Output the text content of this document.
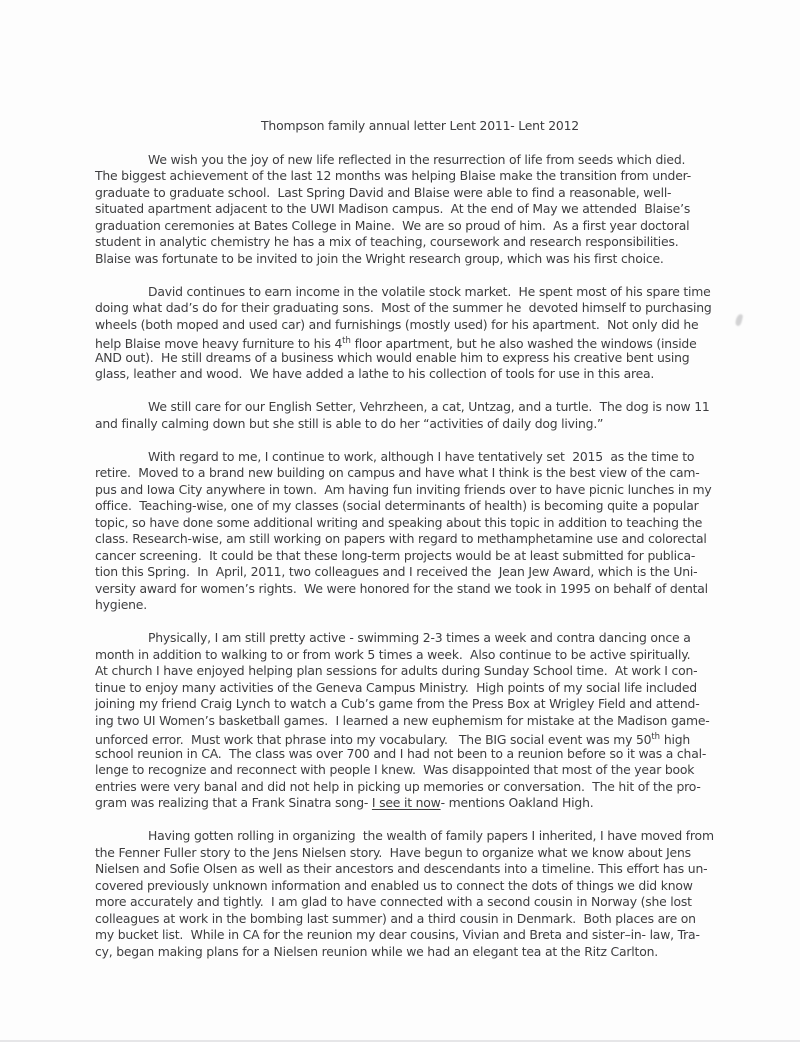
Thompson family annual letter Lent 2011- Lent 2012
We wish you the joy of new life reflected in the resurrection of life from seeds which died.
The biggest achievement of the last 12 months was helping Blaise make the transition from under-
graduate to graduate school.  Last Spring David and Blaise were able to find a reasonable, well-
situated apartment adjacent to the UWI Madison campus.  At the end of May we attended  Blaise’s
graduation ceremonies at Bates College in Maine.  We are so proud of him.  As a first year doctoral
student in analytic chemistry he has a mix of teaching, coursework and research responsibilities.
Blaise was fortunate to be invited to join the Wright research group, which was his first choice.
David continues to earn income in the volatile stock market.  He spent most of his spare time
doing what dad’s do for their graduating sons.  Most of the summer he  devoted himself to purchasing
wheels (both moped and used car) and furnishings (mostly used) for his apartment.  Not only did he
help Blaise move heavy furniture to his 4th floor apartment, but he also washed the windows (inside
AND out).  He still dreams of a business which would enable him to express his creative bent using
glass, leather and wood.  We have added a lathe to his collection of tools for use in this area.
We still care for our English Setter, Vehrzheen, a cat, Untzag, and a turtle.  The dog is now 11
and finally calming down but she still is able to do her “activities of daily dog living.”
With regard to me, I continue to work, although I have tentatively set  2015  as the time to
retire.  Moved to a brand new building on campus and have what I think is the best view of the cam-
pus and Iowa City anywhere in town.  Am having fun inviting friends over to have picnic lunches in my
office.  Teaching-wise, one of my classes (social determinants of health) is becoming quite a popular
topic, so have done some additional writing and speaking about this topic in addition to teaching the
class. Research-wise, am still working on papers with regard to methamphetamine use and colorectal
cancer screening.  It could be that these long-term projects would be at least submitted for publica-
tion this Spring.  In  April, 2011, two colleagues and I received the  Jean Jew Award, which is the Uni-
versity award for women’s rights.  We were honored for the stand we took in 1995 on behalf of dental
hygiene.
Physically, I am still pretty active - swimming 2-3 times a week and contra dancing once a
month in addition to walking to or from work 5 times a week.  Also continue to be active spiritually.
At church I have enjoyed helping plan sessions for adults during Sunday School time.  At work I con-
tinue to enjoy many activities of the Geneva Campus Ministry.  High points of my social life included
joining my friend Craig Lynch to watch a Cub’s game from the Press Box at Wrigley Field and attend-
ing two UI Women’s basketball games.  I learned a new euphemism for mistake at the Madison game-
unforced error.  Must work that phrase into my vocabulary.   The BIG social event was my 50th high
school reunion in CA.  The class was over 700 and I had not been to a reunion before so it was a chal-
lenge to recognize and reconnect with people I knew.  Was disappointed that most of the year book
entries were very banal and did not help in picking up memories or conversation.  The hit of the pro-
gram was realizing that a Frank Sinatra song- I see it now- mentions Oakland High.
Having gotten rolling in organizing  the wealth of family papers I inherited, I have moved from
the Fenner Fuller story to the Jens Nielsen story.  Have begun to organize what we know about Jens
Nielsen and Sofie Olsen as well as their ancestors and descendants into a timeline. This effort has un-
covered previously unknown information and enabled us to connect the dots of things we did know
more accurately and tightly.  I am glad to have connected with a second cousin in Norway (she lost
colleagues at work in the bombing last summer) and a third cousin in Denmark.  Both places are on
my bucket list.  While in CA for the reunion my dear cousins, Vivian and Breta and sister–in- law, Tra-
cy, began making plans for a Nielsen reunion while we had an elegant tea at the Ritz Carlton.
